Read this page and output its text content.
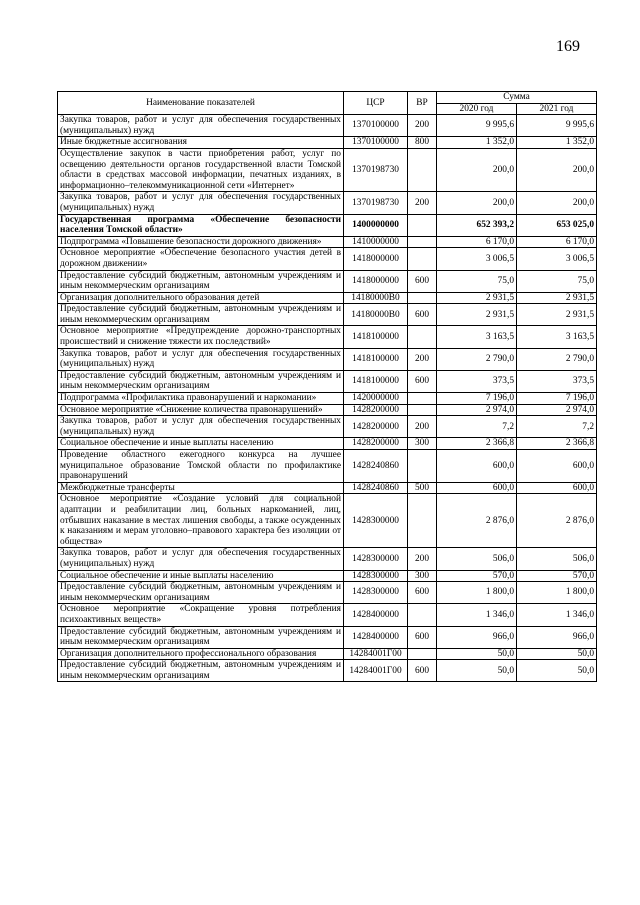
169
Наименование показателей	ЦСР	ВР	Сумма	
			2020 год	2021 год
Закупка товаров, работ и услуг для обеспечения государственных (муниципальных) нужд	1370100000	200	9 995,6	9 995,6
Иные бюджетные ассигнования	1370100000	800	1 352,0	1 352,0
Осуществление закупок в части приобретения работ, услуг по освещению деятельности органов государственной власти Томской области в средствах массовой информации, печатных изданиях, в информационно–телекоммуникационной сети «Интернет»	1370198730		200,0	200,0
Закупка товаров, работ и услуг для обеспечения государственных (муниципальных) нужд	1370198730	200	200,0	200,0
Государственная программа «Обеспечение безопасности населения Томской области»	1400000000		652 393,2	653 025,0
Подпрограмма «Повышение безопасности дорожного движения»	1410000000		6 170,0	6 170,0
Основное мероприятие «Обеспечение безопасного участия детей в дорожном движении»	1418000000		3 006,5	3 006,5
Предоставление субсидий бюджетным, автономным учреждениям и иным некоммерческим организациям	1418000000	600	75,0	75,0
Организация дополнительного образования детей	14180000В0		2 931,5	2 931,5
Предоставление субсидий бюджетным, автономным учреждениям и иным некоммерческим организациям	14180000В0	600	2 931,5	2 931,5
Основное мероприятие «Предупреждение дорожно-транспортных происшествий и снижение тяжести их последствий»	1418100000		3 163,5	3 163,5
Закупка товаров, работ и услуг для обеспечения государственных (муниципальных) нужд	1418100000	200	2 790,0	2 790,0
Предоставление субсидий бюджетным, автономным учреждениям и иным некоммерческим организациям	1418100000	600	373,5	373,5
Подпрограмма «Профилактика правонарушений и наркомании»	1420000000		7 196,0	7 196,0
Основное мероприятие «Снижение количества правонарушений»	1428200000		2 974,0	2 974,0
Закупка товаров, работ и услуг для обеспечения государственных (муниципальных) нужд	1428200000	200	7,2	7,2
Социальное обеспечение и иные выплаты населению	1428200000	300	2 366,8	2 366,8
Проведение областного ежегодного конкурса на лучшее муниципальное образование Томской области по профилактике правонарушений	1428240860		600,0	600,0
Межбюджетные трансферты	1428240860	500	600,0	600,0
Основное мероприятие «Создание условий для социальной адаптации и реабилитации лиц, больных наркоманией, лиц, отбывших наказание в местах лишения свободы, а также осужденных к наказаниям и мерам уголовно–правового характера без изоляции от общества»	1428300000		2 876,0	2 876,0
Закупка товаров, работ и услуг для обеспечения государственных (муниципальных) нужд	1428300000	200	506,0	506,0
Социальное обеспечение и иные выплаты населению	1428300000	300	570,0	570,0
Предоставление субсидий бюджетным, автономным учреждениям и иным некоммерческим организациям	1428300000	600	1 800,0	1 800,0
Основное мероприятие «Сокращение уровня потребления психоактивных веществ»	1428400000		1 346,0	1 346,0
Предоставление субсидий бюджетным, автономным учреждениям и иным некоммерческим организациям	1428400000	600	966,0	966,0
Организация дополнительного профессионального образования	14284001Г00		50,0	50,0
Предоставление субсидий бюджетным, автономным учреждениям и иным некоммерческим организациям	14284001Г00	600	50,0	50,0
